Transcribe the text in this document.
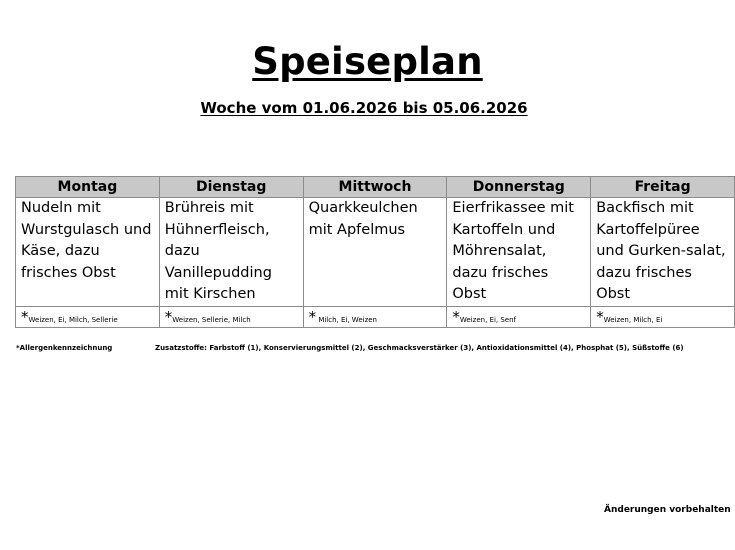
Speiseplan
Woche vom 01.06.2026 bis 05.06.2026
Montag	Dienstag	Mittwoch	Donnerstag	Freitag
Nudeln mit Wurstgulasch und Käse, dazu frisches Obst	Brühreis mit Hühnerfleisch, dazu Vanillepudding mit Kirschen	Quarkkeulchen mit Apfelmus	Eierfrikassee mit Kartoffeln und Möhrensalat, dazu frisches Obst	Backfisch mit Kartoffelpüree und Gurken-salat, dazu frisches Obst
*Weizen, Ei, Milch, Sellerie	*Weizen, Sellerie, Milch	* Milch, Ei, Weizen	*Weizen, Ei, Senf	*Weizen, Milch, Ei
*Allergenkennzeichnung	Zusatzstoffe: Farbstoff (1), Konservierungsmittel (2), Geschmacksverstärker (3), Antioxidationsmittel (4), Phosphat (5), Süßstoffe (6)
Änderungen vorbehalten
